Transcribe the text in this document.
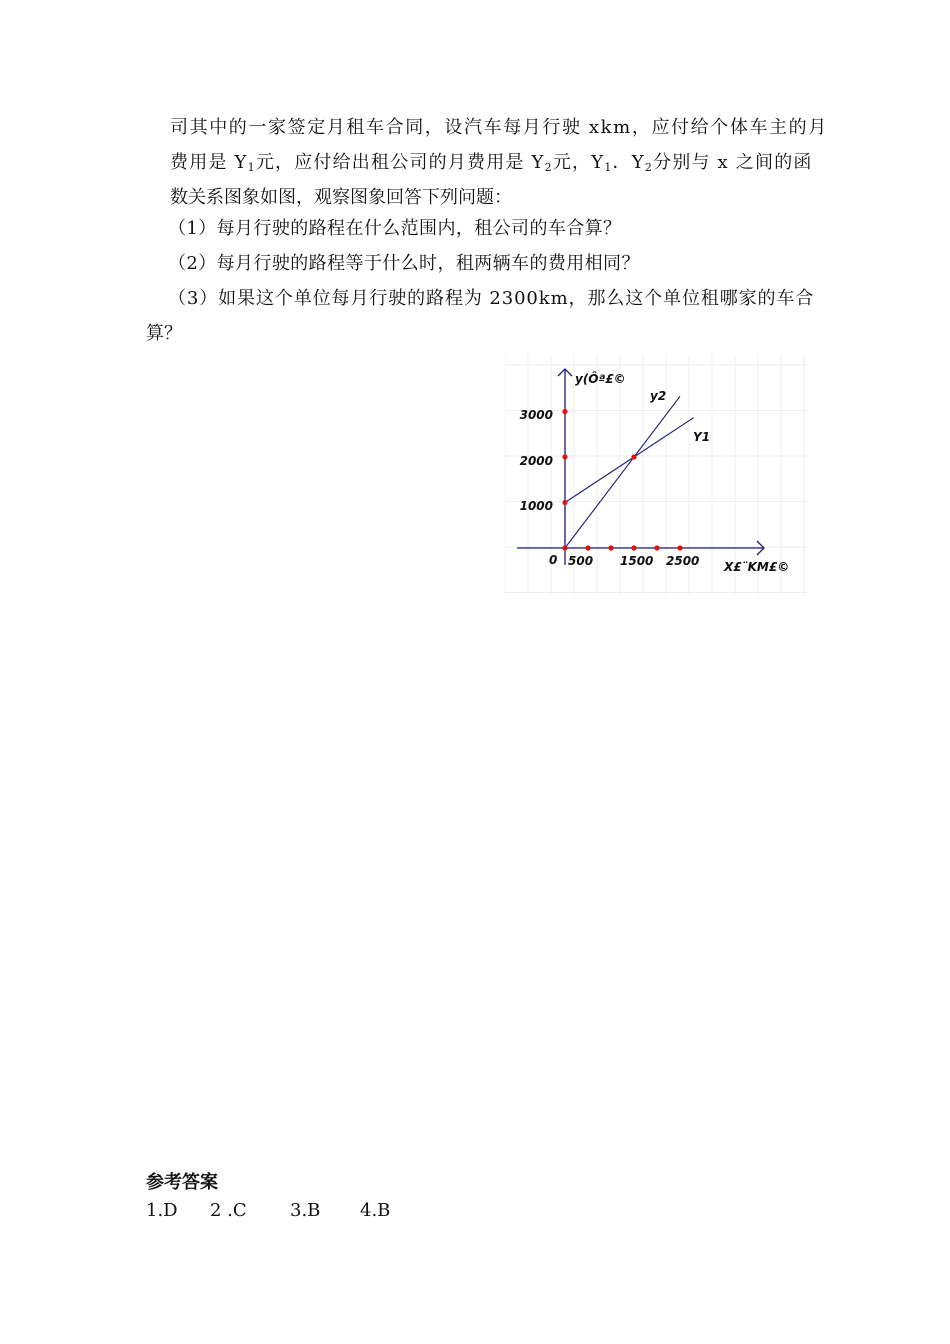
司其中的一家签定月租车合同，设汽车每月行驶 xkm，应付给个体车主的月
费用是 $Y_1$元，应付给出租公司的月费用是 $Y_2$元，$Y_1$．$Y_2$分别与 x 之间的函
数关系图象如图，观察图象回答下列问题：
（1）每月行驶的路程在什么范围内，租公司的车合算？
（2）每月行驶的路程等于什么时，租两辆车的费用相同？
（3）如果这个单位每月行驶的路程为 2300km，那么这个单位租哪家的车合
算？
y(Ôª£©
X£¨KM£©
0 500 1500 2500
1000
2000
3000
y2
Y1
参考答案
1.D 2 .C 3.B 4.B
